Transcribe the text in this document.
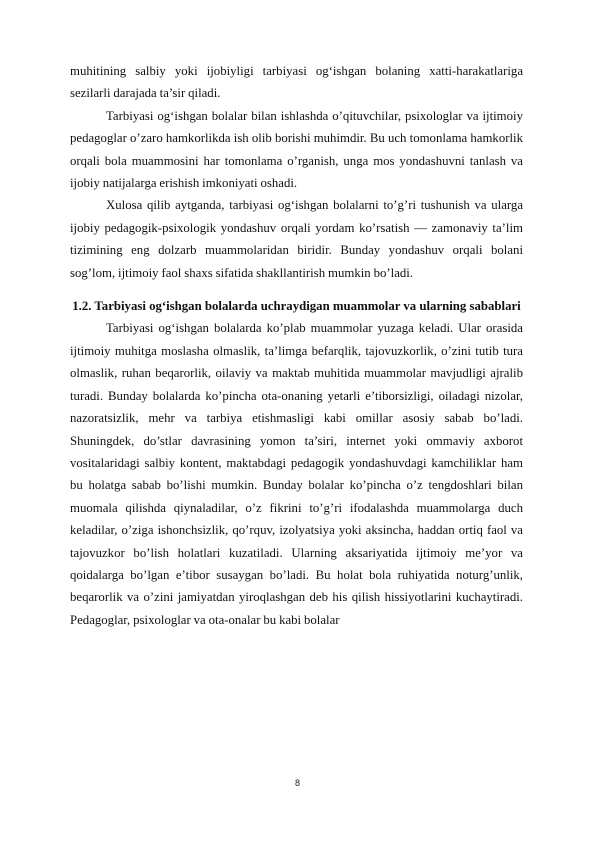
muhitining salbiy yoki ijobiyligi tarbiyasi og‘ishgan bolaning xatti-harakatlariga sezilarli darajada ta’sir qiladi.

Tarbiyasi og‘ishgan bolalar bilan ishlashda o’qituvchilar, psixologlar va ijtimoiy pedagoglar o’zaro hamkorlikda ish olib borishi muhimdir. Bu uch tomonlama hamkorlik orqali bola muammosini har tomonlama o’rganish, unga mos yondashuvni tanlash va ijobiy natijalarga erishish imkoniyati oshadi.

Xulosa qilib aytganda, tarbiyasi og‘ishgan bolalarni to’g’ri tushunish va ularga ijobiy pedagogik-psixologik yondashuv orqali yordam ko’rsatish — zamonaviy ta’lim tizimining eng dolzarb muammolaridan biridir. Bunday yondashuv orqali bolani sog’lom, ijtimoiy faol shaxs sifatida shakllantirish mumkin bo’ladi.

1.2. Tarbiyasi og‘ishgan bolalarda uchraydigan muammolar va ularning sabablari

Tarbiyasi og‘ishgan bolalarda ko’plab muammolar yuzaga keladi. Ular orasida ijtimoiy muhitga moslasha olmaslik, ta’limga befarqlik, tajovuzkorlik, o’zini tutib tura olmaslik, ruhan beqarorlik, oilaviy va maktab muhitida muammolar mavjudligi ajralib turadi. Bunday bolalarda ko’pincha ota-onaning yetarli e’tiborsizligi, oiladagi nizolar, nazoratsizlik, mehr va tarbiya etishmasligi kabi omillar asosiy sabab bo’ladi. Shuningdek, do’stlar davrasining yomon ta’siri, internet yoki ommaviy axborot vositalaridagi salbiy kontent, maktabdagi pedagogik yondashuvdagi kamchiliklar ham bu holatga sabab bo’lishi mumkin. Bunday bolalar ko’pincha o’z tengdoshlari bilan muomala qilishda qiynaladilar, o’z fikrini to’g’ri ifodalashda muammolarga duch keladilar, o’ziga ishonchsizlik, qo’rquv, izolyatsiya yoki aksincha, haddan ortiq faol va tajovuzkor bo’lish holatlari kuzatiladi. Ularning aksariyatida ijtimoiy me’yor va qoidalarga bo’lgan e’tibor susaygan bo’ladi. Bu holat bola ruhiyatida noturg’unlik, beqarorlik va o’zini jamiyatdan yiroqlashgan deb his qilish hissiyotlarini kuchaytiradi. Pedagoglar, psixologlar va ota-onalar bu kabi bolalar

8
